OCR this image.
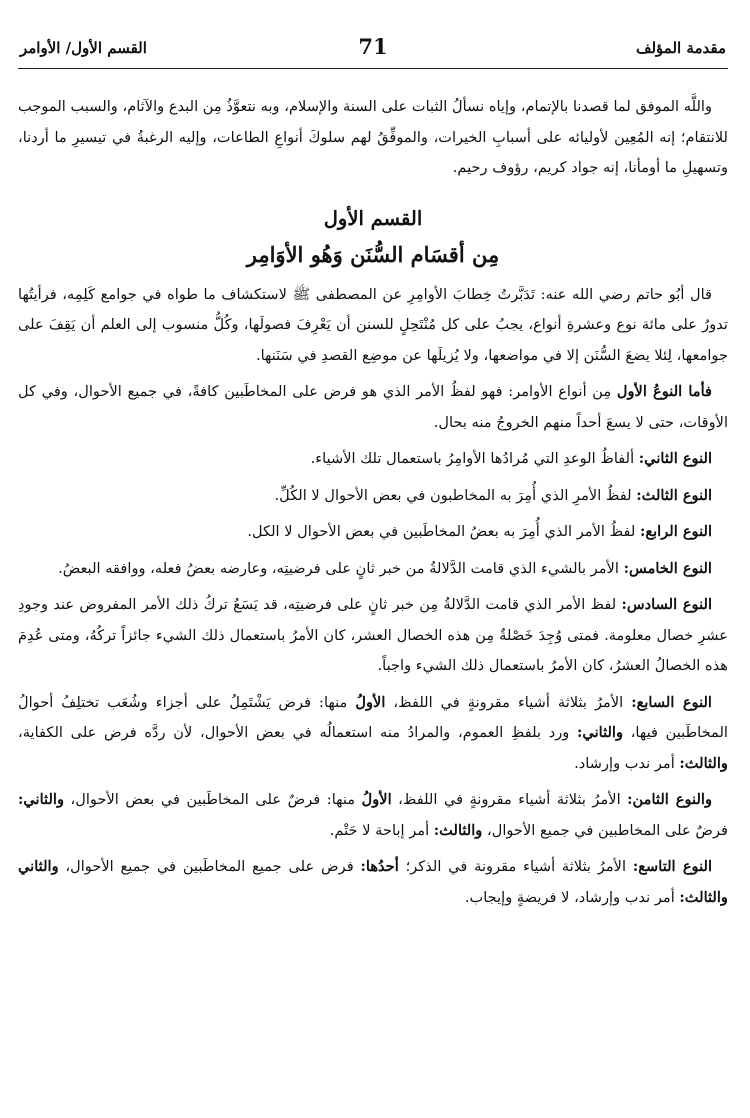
مقدمة المؤلف
71
القسم الأول/ الأوامر

واللَّه الموفق لما قصدنا بالإتمام، وإياه نسألُ الثبات على السنة والإسلام، وبه نتعوَّذُ مِن البدع والآثام، والسبب الموجب للانتقام؛ إنه المُعِين لأوليائه على أسبابِ الخيرات، والموفِّقُ لهم سلوكَ أنواعِ الطاعات، وإليه الرغبةُ في تيسيرِ ما أردنا، وتسهيلِ ما أومأنا، إنه جواد كريم، رؤوف رحيم.

القسم الأول
مِن أقسَام السُّنَن وَهُو الأوَامِر

قال أبُو حاتم رضي الله عنه: تَدَبَّرتُ خِطابَ الأوامِرِ عن المصطفى ﷺ لاستكشاف ما طواه في جوامع كَلِمِه، فرأيتُها تدورُ على مائة نوع وعشرةِ أنواع، يجبُ على كل مُنْتَحِلٍ للسنن أن يَعْرِفَ فصولَها، وكُلُّ منسوب إلى العلم أن يَقِفَ على جوامعها، لِئلا يضعَ السُّنَن إلا في مواضعها، ولا يُزيلَها عن موضِع القصدِ في سَنَنها.

فأما النوعُ الأول مِن أنواع الأوامر: فهو لفظُ الأمر الذي هو فرض على المخاطَبين كافةً، في جميع الأحوال، وفي كل الأوقات، حتى لا يسعَ أحداً منهم الخروجُ منه بحال.

النوع الثاني: ألفاظُ الوعدِ التي مُرادُها الأوامِرُ باستعمال تلك الأشياء.

النوع الثالث: لفظُ الأمرِ الذي أُمِرَ به المخاطبون في بعض الأحوال لا الكُلِّ.

النوع الرابع: لفظُ الأمر الذي أُمِرَ به بعضُ المخاطَبين في بعض الأحوال لا الكل.

النوع الخامس: الأمر بالشيء الذي قامت الدَّلالةُ من خبر ثانٍ على فرضيتِه، وعارضه بعضُ فعله، ووافقه البعضُ.

النوع السادس: لفظ الأمر الذي قامت الدَّلالةُ مِن خبر ثانٍ على فرضيتِه، قد يَسَعُ تركُ ذلك الأمر المفروض عند وجودِ عشرِ خصال معلومة. فمتى وُجِدَ خَصْلةٌ مِن هذه الخصال العشر، كان الأمرُ باستعمال ذلك الشيء جائزاً تركُهُ، ومتى عُدِمَ هذه الخصالُ العشرُ، كان الأمرُ باستعمال ذلك الشيء واجباً.

النوع السابع: الأمرُ بثلاثة أشياء مقرونةٍ في اللفظ، الأولُ منها: فرض يَشْتَمِلُ على أجزاء وشُعَب تختلِفُ أحوالُ المخاطَبين فيها، والثاني: ورد بلفظِ العموم، والمرادُ منه استعمالُه في بعض الأحوال، لأن ردَّه فرض على الكفاية، والثالث: أمر ندب وإرشاد.

والنوع الثامن: الأمرُ بثلاثة أشياء مقرونةٍ في اللفظ، الأولُ منها: فرضٌ على المخاطَبين في بعض الأحوال، والثاني: فرضٌ على المخاطبين في جميع الأحوال، والثالث: أمر إباحة لا حَتْم.

النوع التاسع: الأمرُ بثلاثة أشياء مقرونة في الذكر؛ أحدُها: فرض على جميع المخاطَبين في جميع الأحوال، والثاني والثالث: أمر ندب وإرشاد، لا فريضةٍ وإيجاب.
